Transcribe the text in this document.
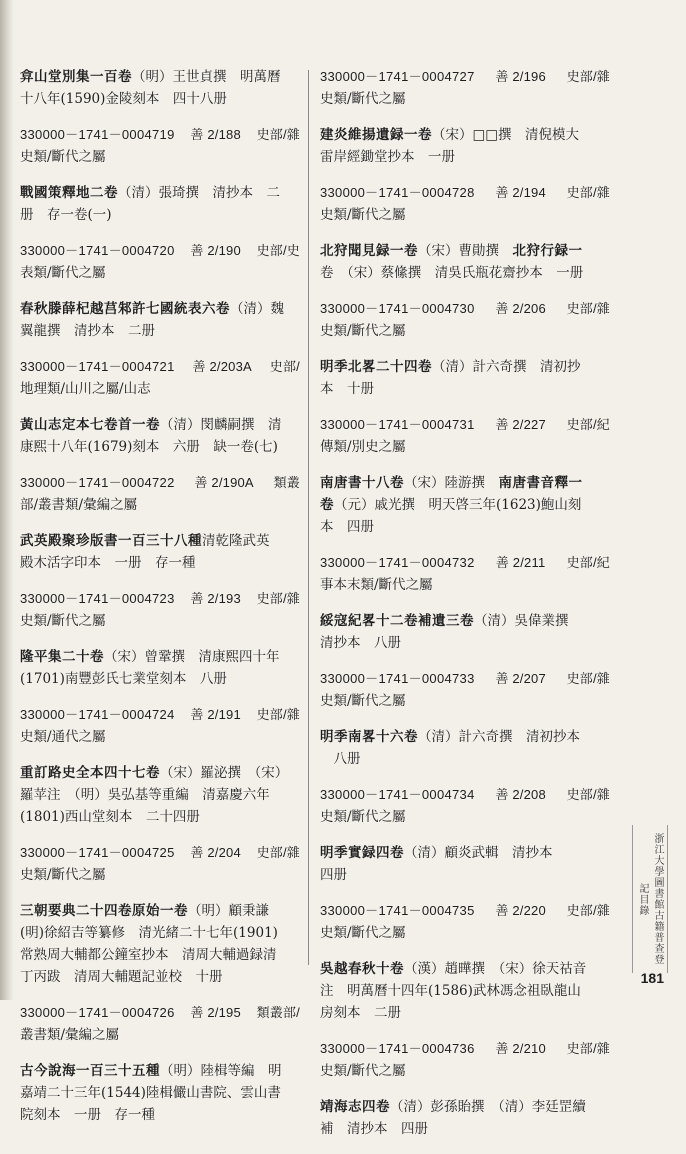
弇山堂別集一百卷（明）王世貞撰　明萬曆
十八年(1590)金陵刻本　四十八册
330000－1741－0004719 善 2/188 史部/雜
史類/斷代之屬
戰國策釋地二卷（清）張琦撰　清抄本　二
册　存一卷(一)
330000－1741－0004720 善 2/190 史部/史
表類/斷代之屬
春秋滕薛杞越莒邾許七國統表六卷（清）魏
翼龍撰　清抄本　二册
330000－1741－0004721 善 2/203A 史部/
地理類/山川之屬/山志
黃山志定本七卷首一卷（清）閔麟嗣撰　清
康熙十八年(1679)刻本　六册　缺一卷(七)
330000－1741－0004722 善 2/190A 類叢
部/叢書類/彙編之屬
武英殿聚珍版書一百三十八種清乾隆武英
殿木活字印本　一册　存一種
330000－1741－0004723 善 2/193 史部/雜
史類/斷代之屬
隆平集二十卷（宋）曾鞏撰　清康熙四十年
(1701)南豐彭氏七業堂刻本　八册
330000－1741－0004724 善 2/191 史部/雜
史類/通代之屬
重訂路史全本四十七卷（宋）羅泌撰　（宋）
羅苹注　（明）吳弘基等重編　清嘉慶六年
(1801)西山堂刻本　二十四册
330000－1741－0004725 善 2/204 史部/雜
史類/斷代之屬
三朝要典二十四卷原始一卷（明）顧秉謙
(明)徐紹吉等纂修　清光緒二十七年(1901)
常熟周大輔都公鐘室抄本　清周大輔過録清
丁丙跋　清周大輔題記並校　十册
330000－1741－0004726 善 2/195 類叢部/
叢書類/彙編之屬
古今說海一百三十五種（明）陸楫等編　明
嘉靖二十三年(1544)陸楫儼山書院、雲山書
院刻本　一册　存一種
330000－1741－0004727 善 2/196 史部/雜
史類/斷代之屬
建炎維揚遺録一卷（宋）□□撰　清倪模大
雷岸經鋤堂抄本　一册
330000－1741－0004728 善 2/194 史部/雜
史類/斷代之屬
北狩聞見録一卷（宋）曹勛撰　北狩行録一
卷　（宋）蔡絛撰　清吳氏瓶花齋抄本　一册
330000－1741－0004730 善 2/206 史部/雜
史類/斷代之屬
明季北畧二十四卷（清）計六奇撰　清初抄
本　十册
330000－1741－0004731 善 2/227 史部/紀
傳類/別史之屬
南唐書十八卷（宋）陸游撰　南唐書音釋一
卷（元）戚光撰　明天啓三年(1623)鮑山刻
本　四册
330000－1741－0004732 善 2/211 史部/紀
事本末類/斷代之屬
綏寇紀畧十二卷補遺三卷（清）吳偉業撰
清抄本　八册
330000－1741－0004733 善 2/207 史部/雜
史類/斷代之屬
明季南畧十六卷（清）計六奇撰　清初抄本
　八册
330000－1741－0004734 善 2/208 史部/雜
史類/斷代之屬
明季實録四卷（清）顧炎武輯　清抄本
四册
330000－1741－0004735 善 2/220 史部/雜
史類/斷代之屬
吳越春秋十卷（漢）趙曄撰　（宋）徐天祜音
注　明萬曆十四年(1586)武林馮念祖臥龍山
房刻本　二册
330000－1741－0004736 善 2/210 史部/雜
史類/斷代之屬
靖海志四卷（清）彭孫貽撰　（清）李廷罡續
補　清抄本　四册
浙江大學圖書館古籍普查登記目錄
181
